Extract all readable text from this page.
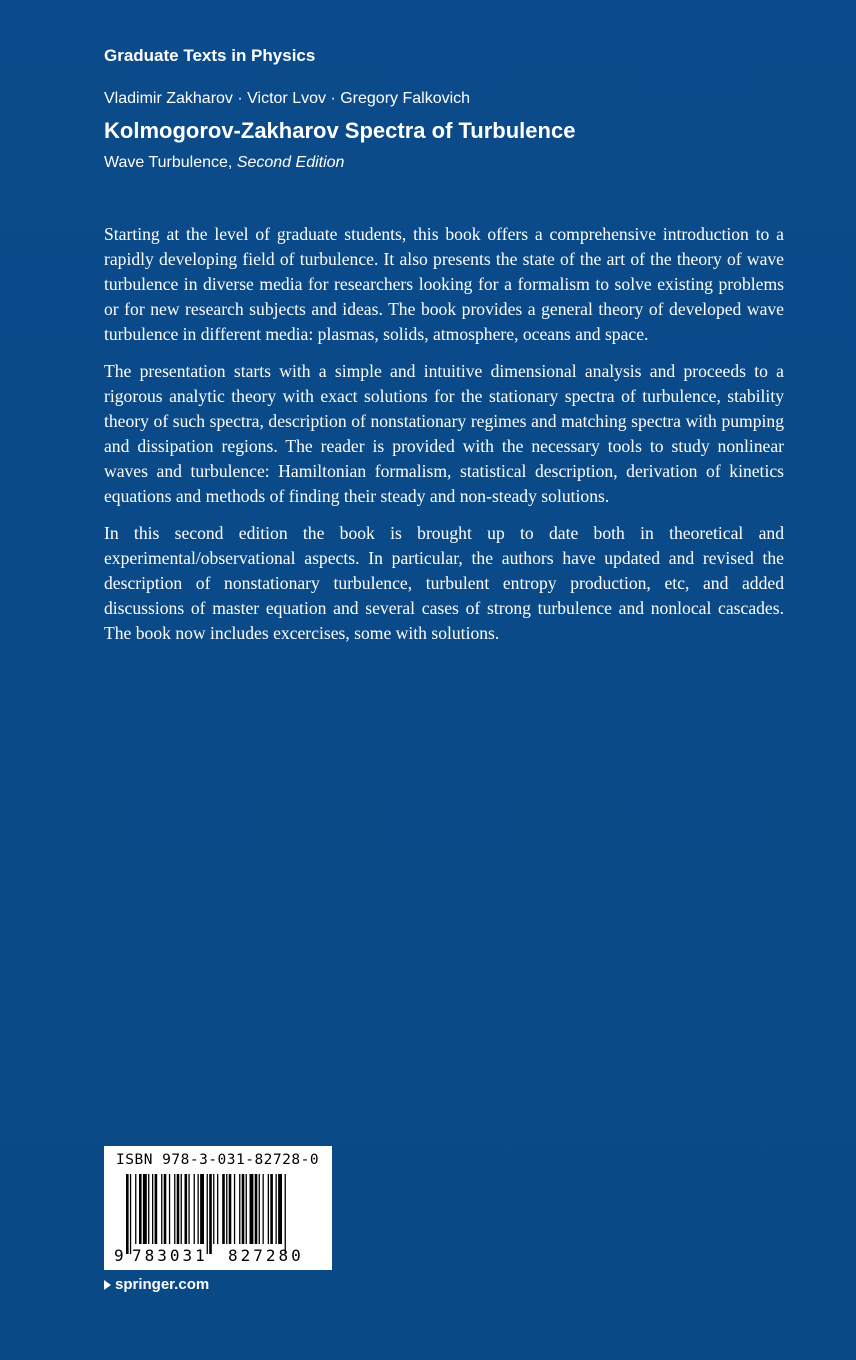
Graduate Texts in Physics
Vladimir Zakharov · Victor Lvov · Gregory Falkovich
Kolmogorov-Zakharov Spectra of Turbulence
Wave Turbulence, Second Edition

Starting at the level of graduate students, this book offers a comprehensive introduction to a rapidly developing field of turbulence. It also presents the state of the art of the theory of wave turbulence in diverse media for researchers looking for a formalism to solve existing problems or for new research subjects and ideas. The book provides a general theory of developed wave turbulence in different media: plasmas, solids, atmosphere, oceans and space.

The presentation starts with a simple and intuitive dimensional analysis and proceeds to a rigorous analytic theory with exact solutions for the stationary spectra of turbulence, stability theory of such spectra, description of nonstationary regimes and matching spectra with pumping and dissipation regions. The reader is provided with the necessary tools to study nonlinear waves and turbulence: Hamiltonian formalism, statistical description, derivation of kinetics equations and methods of finding their steady and non-steady solutions.

In this second edition the book is brought up to date both in theoretical and experimental/observational aspects. In particular, the authors have updated and revised the description of nonstationary turbulence, turbulent entropy production, etc, and added discussions of master equation and several cases of strong turbulence and nonlocal cascades. The book now includes excercises, some with solutions.

ISBN 978-3-031-82728-0
9 783031 827280
springer.com
